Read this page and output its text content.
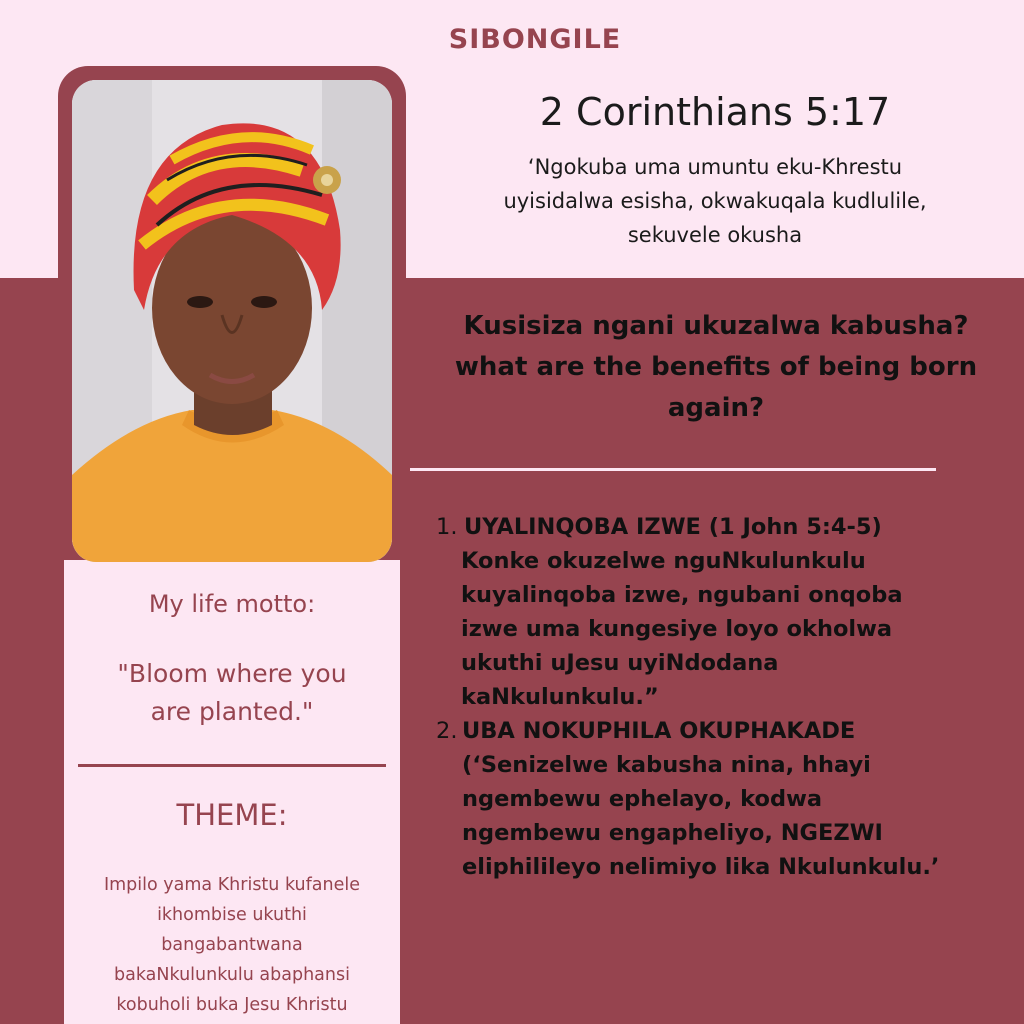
SIBONGILE
2 Corinthians 5:17
‘Ngokuba uma umuntu eku-Khrestu
uyisidalwa esisha, okwakuqala kudlulile,
sekuvele okusha
Kusisiza ngani ukuzalwa kabusha?
what are the benefits of being born
again?
1. UYALINQOBA IZWE (1 John 5:4-5)
Konke okuzelwe nguNkulunkulu
kuyalinqoba izwe, ngubani onqoba
izwe uma kungesiye loyo okholwa
ukuthi uJesu uyiNdodana
kaNkulunkulu.”
2. UBA NOKUPHILA OKUPHAKADE
(‘Senizelwe kabusha nina, hhayi
ngembewu ephelayo, kodwa
ngembewu engapheliyo, NGEZWI
eliphilileyo nelimiyo lika Nkulunkulu.’
My life motto:
"Bloom where you
are planted."
THEME:
Impilo yama Khristu kufanele
ikhombise ukuthi
bangabantwana
bakaNkulunkulu abaphansi
kobuholi buka Jesu Khristu
